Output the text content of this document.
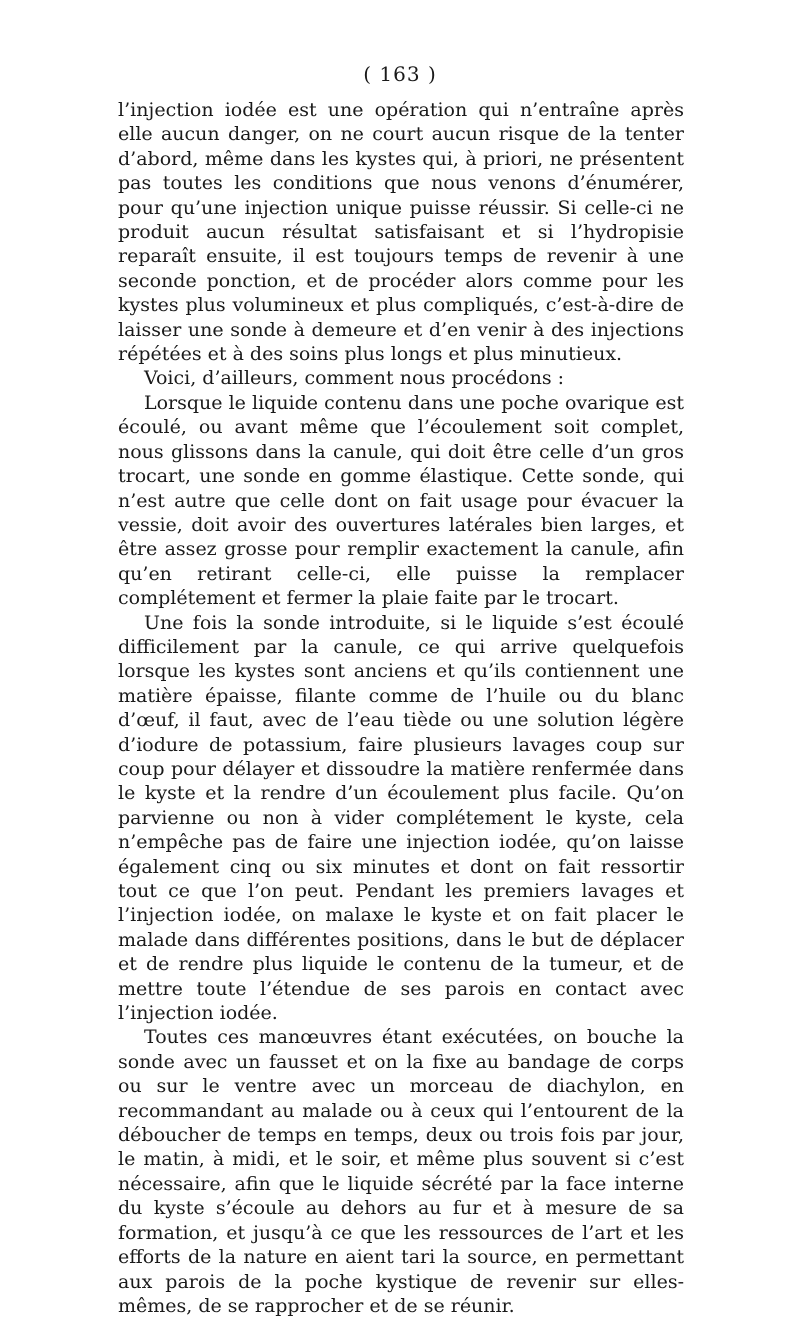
( 163 )

l’injection iodée est une opération qui n’entraîne après elle aucun danger, on ne court aucun risque de la tenter d’abord, même dans les kystes qui, à priori, ne présentent pas toutes les conditions que nous venons d’énumérer, pour qu’une injection unique puisse réussir. Si celle-ci ne produit aucun résultat satisfaisant et si l’hydropisie reparaît ensuite, il est toujours temps de revenir à une seconde ponction, et de procéder alors comme pour les kystes plus volumineux et plus compliqués, c’est-à-dire de laisser une sonde à demeure et d’en venir à des injections répétées et à des soins plus longs et plus minutieux.

Voici, d’ailleurs, comment nous procédons :

Lorsque le liquide contenu dans une poche ovarique est écoulé, ou avant même que l’écoulement soit complet, nous glissons dans la canule, qui doit être celle d’un gros trocart, une sonde en gomme élastique. Cette sonde, qui n’est autre que celle dont on fait usage pour évacuer la vessie, doit avoir des ouvertures latérales bien larges, et être assez grosse pour remplir exactement la canule, afin qu’en retirant celle-ci, elle puisse la remplacer complétement et fermer la plaie faite par le trocart.

Une fois la sonde introduite, si le liquide s’est écoulé difficilement par la canule, ce qui arrive quelquefois lorsque les kystes sont anciens et qu’ils contiennent une matière épaisse, filante comme de l’huile ou du blanc d’œuf, il faut, avec de l’eau tiède ou une solution légère d’iodure de potassium, faire plusieurs lavages coup sur coup pour délayer et dissoudre la matière renfermée dans le kyste et la rendre d’un écoulement plus facile. Qu’on parvienne ou non à vider complétement le kyste, cela n’empêche pas de faire une injection iodée, qu’on laisse également cinq ou six minutes et dont on fait ressortir tout ce que l’on peut. Pendant les premiers lavages et l’injection iodée, on malaxe le kyste et on fait placer le malade dans différentes positions, dans le but de déplacer et de rendre plus liquide le contenu de la tumeur, et de mettre toute l’étendue de ses parois en contact avec l’injection iodée.

Toutes ces manœuvres étant exécutées, on bouche la sonde avec un fausset et on la fixe au bandage de corps ou sur le ventre avec un morceau de diachylon, en recommandant au malade ou à ceux qui l’entourent de la déboucher de temps en temps, deux ou trois fois par jour, le matin, à midi, et le soir, et même plus souvent si c’est nécessaire, afin que le liquide sécrété par la face interne du kyste s’écoule au dehors au fur et à mesure de sa formation, et jusqu’à ce que les ressources de l’art et les efforts de la nature en aient tari la source, en permettant aux parois de la poche kystique de revenir sur elles-mêmes, de se rapprocher et de se réunir.
